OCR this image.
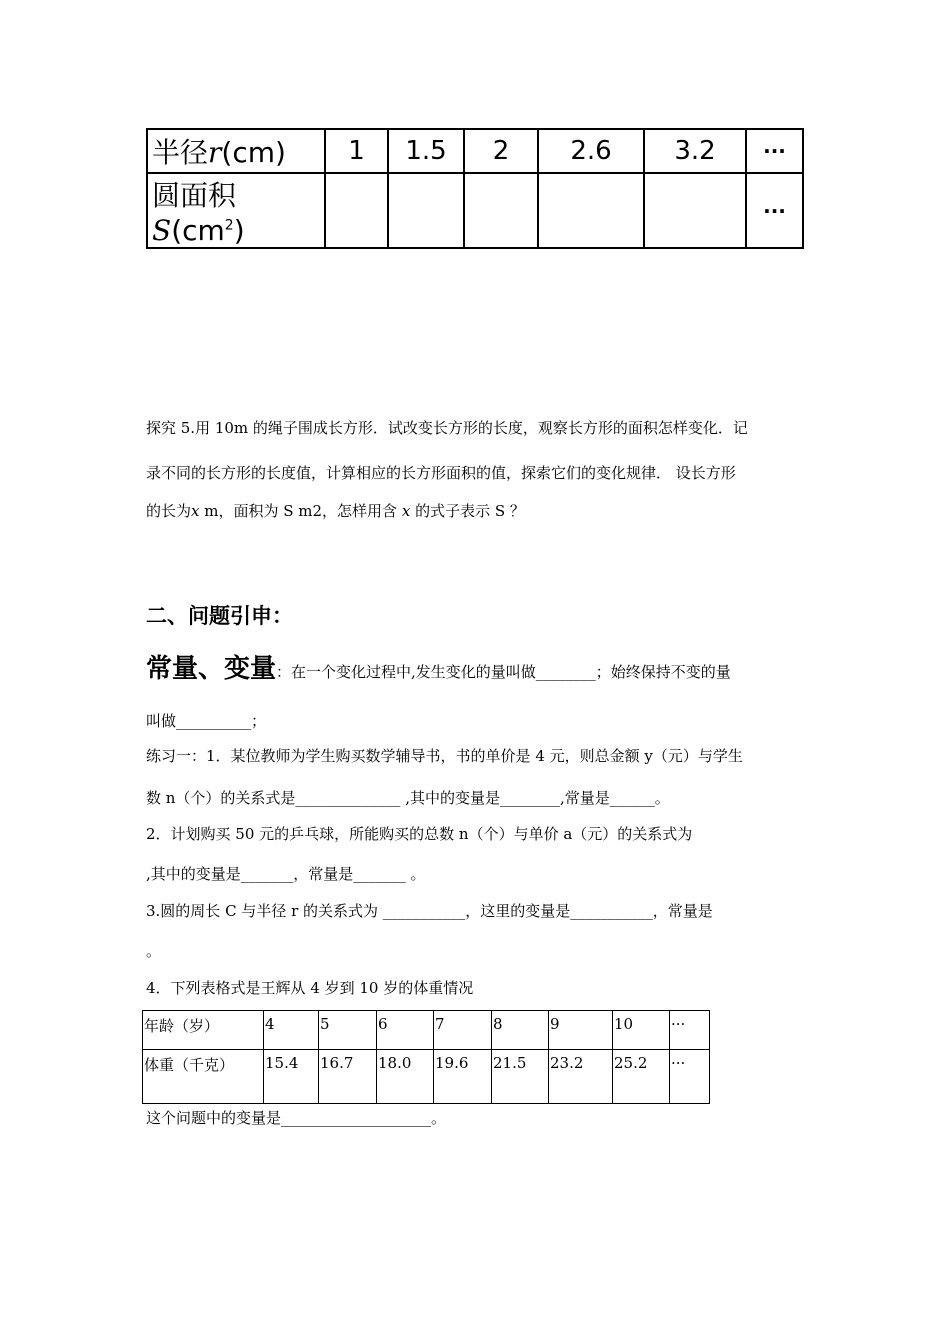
半径r(cm)	1	1.5	2	2.6	3.2	···
圆面积$S(cm^2)$						···
探究 5.用 10m 的绳子围成长方形．试改变长方形的长度，观察长方形的面积怎样变化．记
录不同的长方形的长度值，计算相应的长方形面积的值，探索它们的变化规律． 设长方形
的长为x m，面积为 S m2，怎样用含 x 的式子表示 S ？
二、问题引申：
常量、变量：在一个变化过程中,发生变化的量叫做________；始终保持不变的量
叫做__________；
练习一：1．某位教师为学生购买数学辅导书，书的单价是 4 元，则总金额 y（元）与学生
数 n（个）的关系式是______________ ,其中的变量是________,常量是______。
2．计划购买 50 元的乒乓球，所能购买的总数 n（个）与单价 a（元）的关系式为
,其中的变量是_______，常量是_______ 。
3.圆的周长 C 与半径 r 的关系式为 ___________，这里的变量是___________，常量是
。
4．下列表格式是王辉从 4 岁到 10 岁的体重情况
年龄（岁）	4	5	6	7	8	9	10	···
体重（千克）	15.4	16.7	18.0	19.6	21.5	23.2	25.2	···
这个问题中的变量是____________________。
